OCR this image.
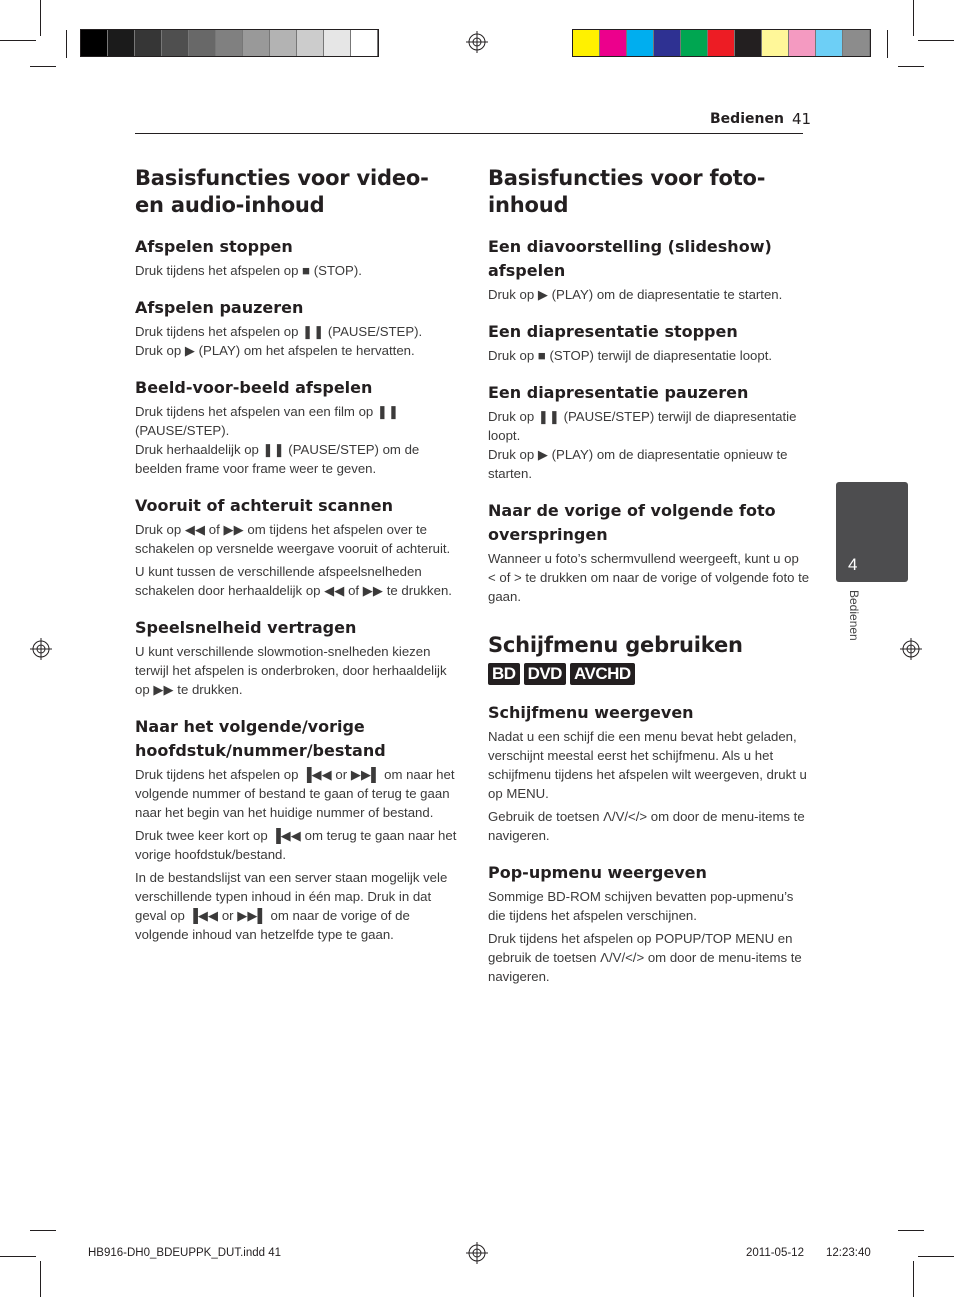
Bedienen 41
Basisfuncties voor video- en audio-inhoud
Afspelen stoppen

Druk tijdens het afspelen op ■ (STOP).

Afspelen pauzeren

Druk tijdens het afspelen op ❚❚ (PAUSE/STEP).
Druk op ▶ (PLAY) om het afspelen te hervatten.

Beeld-voor-beeld afspelen

Druk tijdens het afspelen van een film op ❚❚ (PAUSE/STEP).
Druk herhaaldelijk op ❚❚ (PAUSE/STEP) om de beelden frame voor frame weer te geven.

Vooruit of achteruit scannen

Druk op ◀◀ of ▶▶ om tijdens het afspelen over te schakelen op versnelde weergave vooruit of achteruit.

U kunt tussen de verschillende afspeelsnelheden schakelen door herhaaldelijk op ◀◀ of ▶▶ te drukken.

Speelsnelheid vertragen

U kunt verschillende slowmotion-snelheden kiezen terwijl het afspelen is onderbroken, door herhaaldelijk op ▶▶ te drukken.

Naar het volgende/vorige hoofdstuk/nummer/bestand

Druk tijdens het afspelen op ▐◀◀ or ▶▶▌ om naar het volgende nummer of bestand te gaan of terug te gaan naar het begin van het huidige nummer of bestand.

Druk twee keer kort op ▐◀◀ om terug te gaan naar het vorige hoofdstuk/bestand.

In de bestandslijst van een server staan mogelijk vele verschillende typen inhoud in één map. Druk in dat geval op ▐◀◀ or ▶▶▌ om naar de vorige of de volgende inhoud van hetzelfde type te gaan.

Basisfuncties voor foto-inhoud
Een diavoorstelling (slideshow) afspelen

Druk op ▶ (PLAY) om de diapresentatie te starten.

Een diapresentatie stoppen

Druk op ■ (STOP) terwijl de diapresentatie loopt.

Een diapresentatie pauzeren

Druk op ❚❚ (PAUSE/STEP) terwijl de diapresentatie loopt.
Druk op ▶ (PLAY) om de diapresentatie opnieuw te starten.

Naar de vorige of volgende foto overspringen

Wanneer u foto’s schermvullend weergeeft, kunt u op < of > te drukken om naar de vorige of volgende foto te gaan.

Schijfmenu gebruiken
BD DVD AVCHD
Schijfmenu weergeven

Nadat u een schijf die een menu bevat hebt geladen, verschijnt meestal eerst het schijfmenu. Als u het schijfmenu tijdens het afspelen wilt weergeven, drukt u op MENU.

Gebruik de toetsen Λ/V/</> om door de menu-items te navigeren.

Pop-upmenu weergeven

Sommige BD-ROM schijven bevatten pop-upmenu’s die tijdens het afspelen verschijnen.

Druk tijdens het afspelen op POPUP/TOP MENU en gebruik de toetsen Λ/V/</> om door de menu-items te navigeren.

4
Bedienen
HB916-DH0_BDEUPPK_DUT.indd 41	2011-05-12 12:23:40
